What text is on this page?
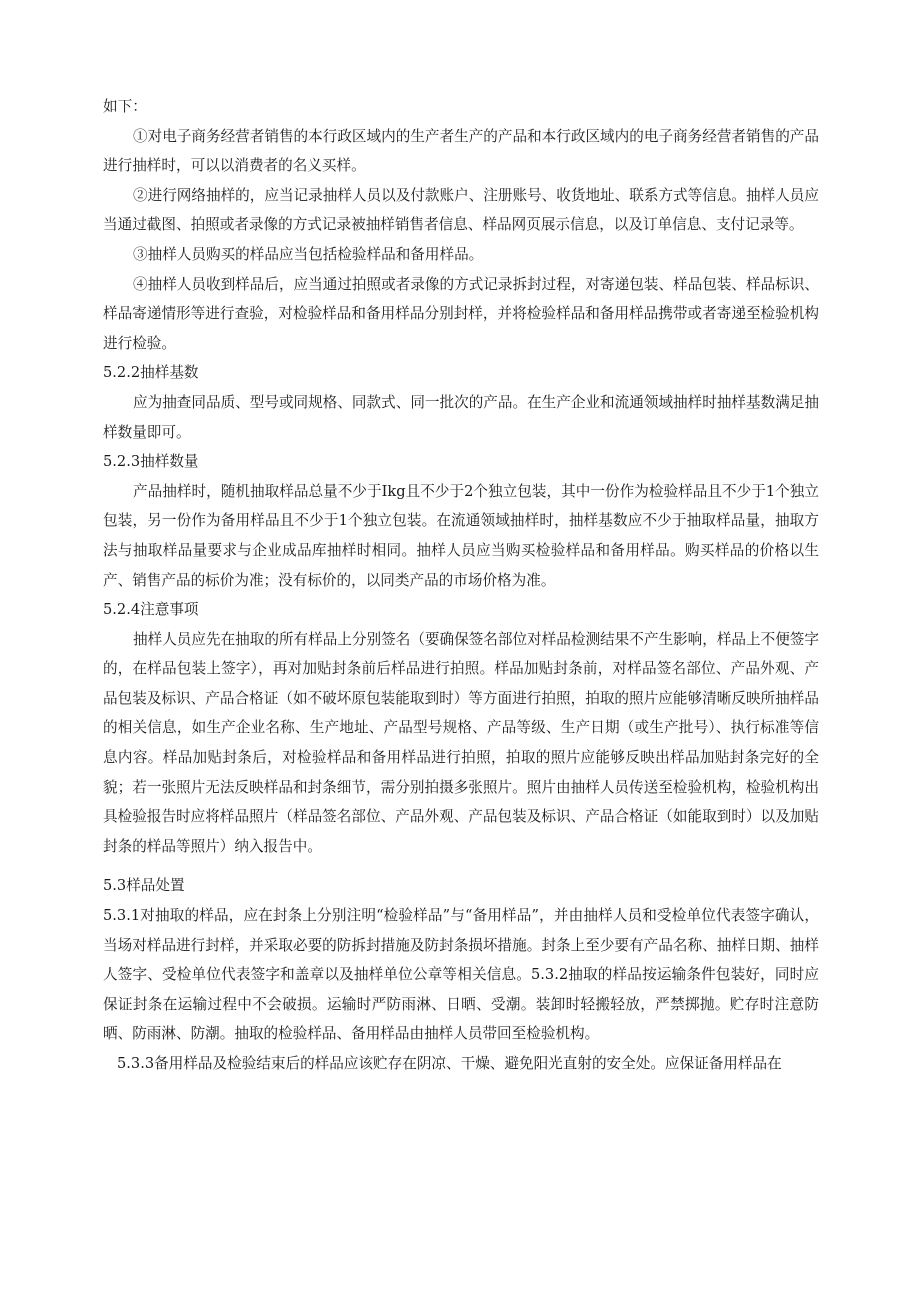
如下：

①对电子商务经营者销售的本行政区域内的生产者生产的产品和本行政区域内的电子商务经营者销售的产品进行抽样时，可以以消费者的名义买样。

②进行网络抽样的，应当记录抽样人员以及付款账户、注册账号、收货地址、联系方式等信息。抽样人员应当通过截图、拍照或者录像的方式记录被抽样销售者信息、样品网页展示信息，以及订单信息、支付记录等。

③抽样人员购买的样品应当包括检验样品和备用样品。

④抽样人员收到样品后，应当通过拍照或者录像的方式记录拆封过程，对寄递包装、样品包装、样品标识、样品寄递情形等进行查验，对检验样品和备用样品分别封样，并将检验样品和备用样品携带或者寄递至检验机构进行检验。

5.2.2抽样基数

应为抽查同品质、型号或同规格、同款式、同一批次的产品。在生产企业和流通领域抽样时抽样基数满足抽样数量即可。

5.2.3抽样数量

产品抽样时，随机抽取样品总量不少于Ikg且不少于2个独立包装，其中一份作为检验样品且不少于1个独立包装，另一份作为备用样品且不少于1个独立包装。在流通领域抽样时，抽样基数应不少于抽取样品量，抽取方法与抽取样品量要求与企业成品库抽样时相同。抽样人员应当购买检验样品和备用样品。购买样品的价格以生产、销售产品的标价为准；没有标价的，以同类产品的市场价格为准。

5.2.4注意事项

抽样人员应先在抽取的所有样品上分别签名（要确保签名部位对样品检测结果不产生影响，样品上不便签字的，在样品包装上签字），再对加贴封条前后样品进行拍照。样品加贴封条前，对样品签名部位、产品外观、产品包装及标识、产品合格证（如不破坏原包装能取到时）等方面进行拍照，拍取的照片应能够清晰反映所抽样品的相关信息，如生产企业名称、生产地址、产品型号规格、产品等级、生产日期（或生产批号）、执行标准等信息内容。样品加贴封条后，对检验样品和备用样品进行拍照，拍取的照片应能够反映出样品加贴封条完好的全貌；若一张照片无法反映样品和封条细节，需分别拍摄多张照片。照片由抽样人员传送至检验机构，检验机构出具检验报告时应将样品照片（样品签名部位、产品外观、产品包装及标识、产品合格证（如能取到时）以及加贴封条的样品等照片）纳入报告中。

5.3样品处置

5.3.1对抽取的样品，应在封条上分别注明“检验样品”与“备用样品”，并由抽样人员和受检单位代表签字确认，当场对样品进行封样，并采取必要的防拆封措施及防封条损坏措施。封条上至少要有产品名称、抽样日期、抽样人签字、受检单位代表签字和盖章以及抽样单位公章等相关信息。5.3.2抽取的样品按运输条件包装好，同时应保证封条在运输过程中不会破损。运输时严防雨淋、日晒、受潮。装卸时轻搬轻放，严禁掷抛。贮存时注意防晒、防雨淋、防潮。抽取的检验样品、备用样品由抽样人员带回至检验机构。

5.3.3备用样品及检验结束后的样品应该贮存在阴凉、干燥、避免阳光直射的安全处。应保证备用样品在
